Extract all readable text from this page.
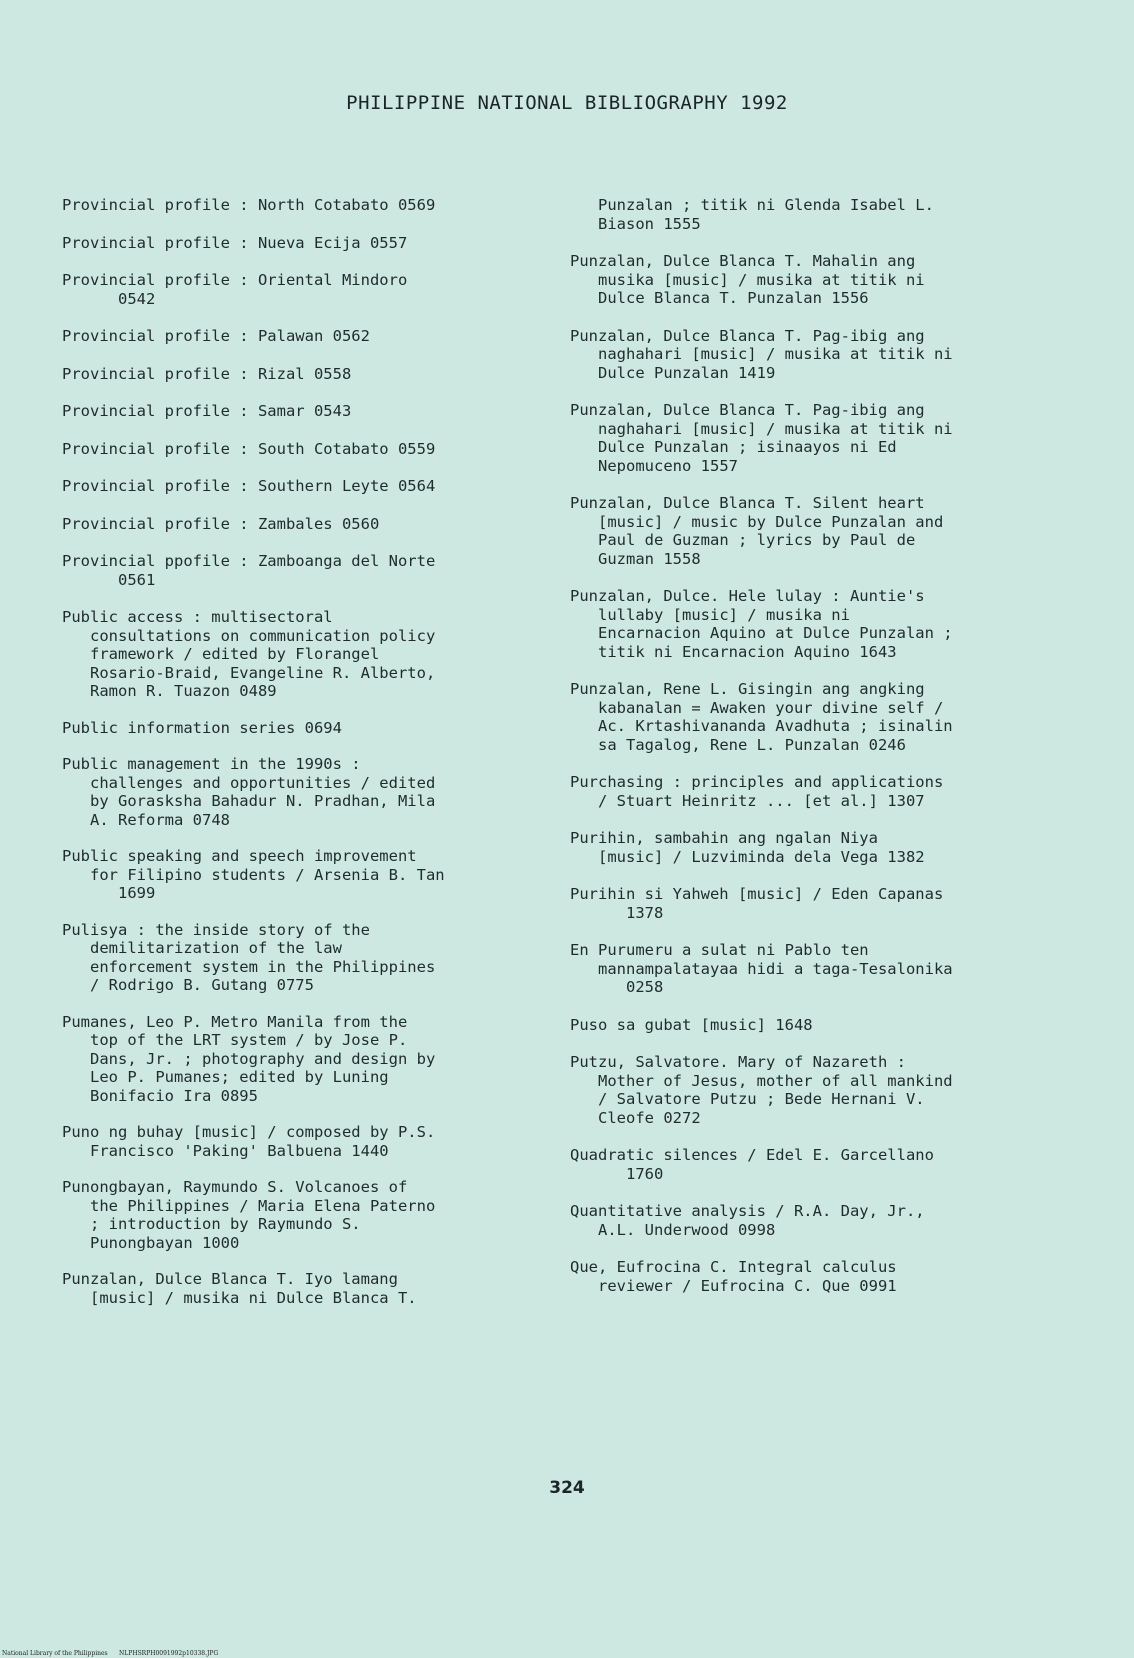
PHILIPPINE NATIONAL BIBLIOGRAPHY 1992

Provincial profile : North Cotabato 0569

Provincial profile : Nueva Ecija 0557

Provincial profile : Oriental Mindoro
0542

Provincial profile : Palawan 0562

Provincial profile : Rizal 0558

Provincial profile : Samar 0543

Provincial profile : South Cotabato 0559

Provincial profile : Southern Leyte 0564

Provincial profile : Zambales 0560

Provincial ppofile : Zamboanga del Norte
0561

Public access : multisectoral
consultations on communication policy
framework / edited by Florangel
Rosario-Braid, Evangeline R. Alberto,
Ramon R. Tuazon 0489

Public information series 0694

Public management in the 1990s :
challenges and opportunities / edited
by Gorasksha Bahadur N. Pradhan, Mila
A. Reforma 0748

Public speaking and speech improvement
for Filipino students / Arsenia B. Tan
1699

Pulisya : the inside story of the
demilitarization of the law
enforcement system in the Philippines
/ Rodrigo B. Gutang 0775

Pumanes, Leo P. Metro Manila from the
top of the LRT system / by Jose P.
Dans, Jr. ; photography and design by
Leo P. Pumanes; edited by Luning
Bonifacio Ira 0895

Puno ng buhay [music] / composed by P.S.
Francisco 'Paking' Balbuena 1440

Punongbayan, Raymundo S. Volcanoes of
the Philippines / Maria Elena Paterno
; introduction by Raymundo S.
Punongbayan 1000

Punzalan, Dulce Blanca T. Iyo lamang
[music] / musika ni Dulce Blanca T.

Punzalan ; titik ni Glenda Isabel L.
Biason 1555

Punzalan, Dulce Blanca T. Mahalin ang
musika [music] / musika at titik ni
Dulce Blanca T. Punzalan 1556

Punzalan, Dulce Blanca T. Pag-ibig ang
naghahari [music] / musika at titik ni
Dulce Punzalan 1419

Punzalan, Dulce Blanca T. Pag-ibig ang
naghahari [music] / musika at titik ni
Dulce Punzalan ; isinaayos ni Ed
Nepomuceno 1557

Punzalan, Dulce Blanca T. Silent heart
[music] / music by Dulce Punzalan and
Paul de Guzman ; lyrics by Paul de
Guzman 1558

Punzalan, Dulce. Hele lulay : Auntie's
lullaby [music] / musika ni
Encarnacion Aquino at Dulce Punzalan ;
titik ni Encarnacion Aquino 1643

Punzalan, Rene L. Gisingin ang angking
kabanalan = Awaken your divine self /
Ac. Krtashivananda Avadhuta ; isinalin
sa Tagalog, Rene L. Punzalan 0246

Purchasing : principles and applications
/ Stuart Heinritz ... [et al.] 1307

Purihin, sambahin ang ngalan Niya
[music] / Luzviminda dela Vega 1382

Purihin si Yahweh [music] / Eden Capanas
1378

En Purumeru a sulat ni Pablo ten
mannampalatayaa hidi a taga-Tesalonika
0258

Puso sa gubat [music] 1648

Putzu, Salvatore. Mary of Nazareth :
Mother of Jesus, mother of all mankind
/ Salvatore Putzu ; Bede Hernani V.
Cleofe 0272

Quadratic silences / Edel E. Garcellano
1760

Quantitative analysis / R.A. Day, Jr.,
A.L. Underwood 0998

Que, Eufrocina C. Integral calculus
reviewer / Eufrocina C. Que 0991

324
National Library of the Philippines      NLPHSRPH0091992p10338.JPG
